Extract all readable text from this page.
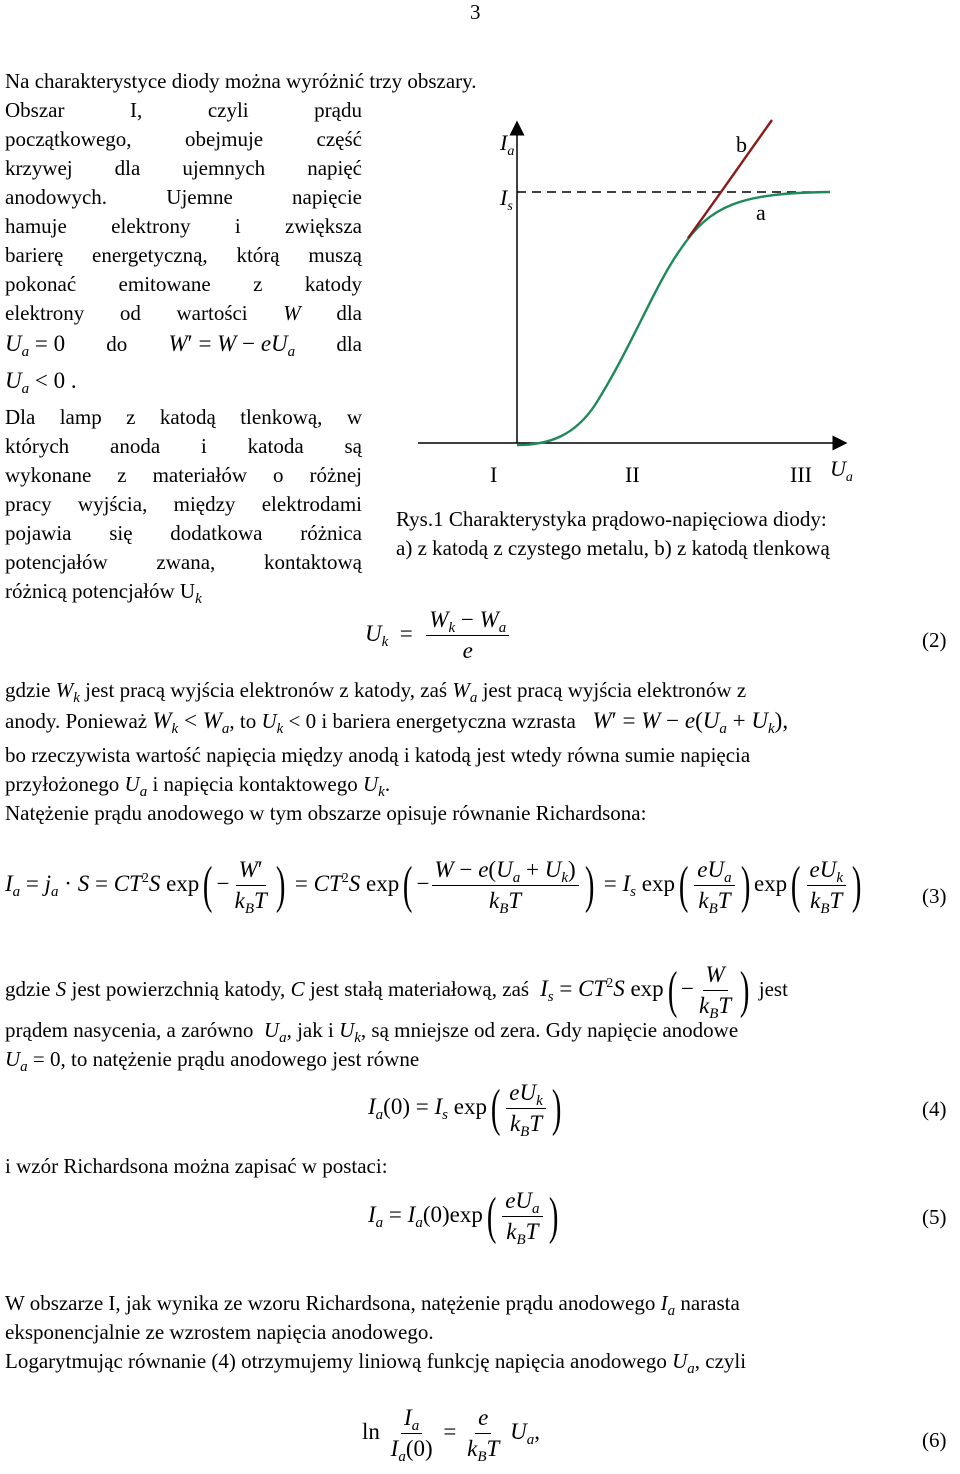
3
Na charakterystyce diody można wyróżnić trzy obszary.
Obszar I, czyli prądu
początkowego, obejmuje część
krzywej dla ujemnych napięć
anodowych. Ujemne napięcie
hamuje elektrony i zwiększa
barierę energetyczną, którą muszą
pokonać emitowane z katody
elektrony od wartości W dla
$U_a = 0$ do $W' = W - eU_a$ dla
$U_a < 0$ .
Dla lamp z katodą tlenkową, w
których anoda i katoda są
wykonane z materiałów o różnej
pracy wyjścia, między elektrodami
pojawia się dodatkowa różnica
potencjałów zwana, kontaktową
różnicą potencjałów $U_k$
$I_a$
$I_s$
b
a
I	II	III $U_a$
Rys.1 Charakterystyka prądowo-napięciowa diody:
a) z katodą z czystego metalu, b) z katodą tlenkową
$U_k = \frac{W_k - W_a}{e}$	(2)
gdzie $W_k$ jest pracą wyjścia elektronów z katody, zaś $W_a$ jest pracą wyjścia elektronów z
anody. Ponieważ $W_k < W_a$, to $U_k < 0$ i bariera energetyczna wzrasta $W' = W - e(U_a + U_k)$,
bo rzeczywista wartość napięcia między anodą i katodą jest wtedy równa sumie napięcia
przyłożonego $U_a$ i napięcia kontaktowego $U_k$.
Natężenie prądu anodowego w tym obszarze opisuje równanie Richardsona:
$I_a = j_a \cdot S = CT^2S$ $\exp( - \frac{W'}{k_BT}$ ) = $CT^2S$ $\exp( - \frac{W - e(U_a + U_k)}{k_BT}$ ) = $I_s$ $\exp( \frac{eU_a}{k_BT}$ ) $\exp( \frac{eU_k}{k_BT}$ )	(3)
gdzie S jest powierzchnią katody, C jest stałą materiałową, zaś $I_s = CT^2S$ $\exp( - \frac{W}{k_BT}$ ) jest
prądem nasycenia, a zarówno $U_a$, jak i $U_k$, są mniejsze od zera. Gdy napięcie anodowe
$U_a = 0$, to natężenie prądu anodowego jest równe
$I_a(0) = I_s$ $\exp( \frac{eU_k}{k_BT}$ )	(4)
i wzór Richardsona można zapisać w postaci:
$I_a = I_a(0)\exp( \frac{eU_a}{k_BT}$ )	(5)
W obszarze I, jak wynika ze wzoru Richardsona, natężenie prądu anodowego $I_a$ narasta
eksponencjalnie ze wzrostem napięcia anodowego.
Logarytmując równanie (4) otrzymujemy liniową funkcję napięcia anodowego $U_a$, czyli
$\ln \frac{I_a}{I_a(0)} = \frac{e}{k_BT} U_a$,	(6)
